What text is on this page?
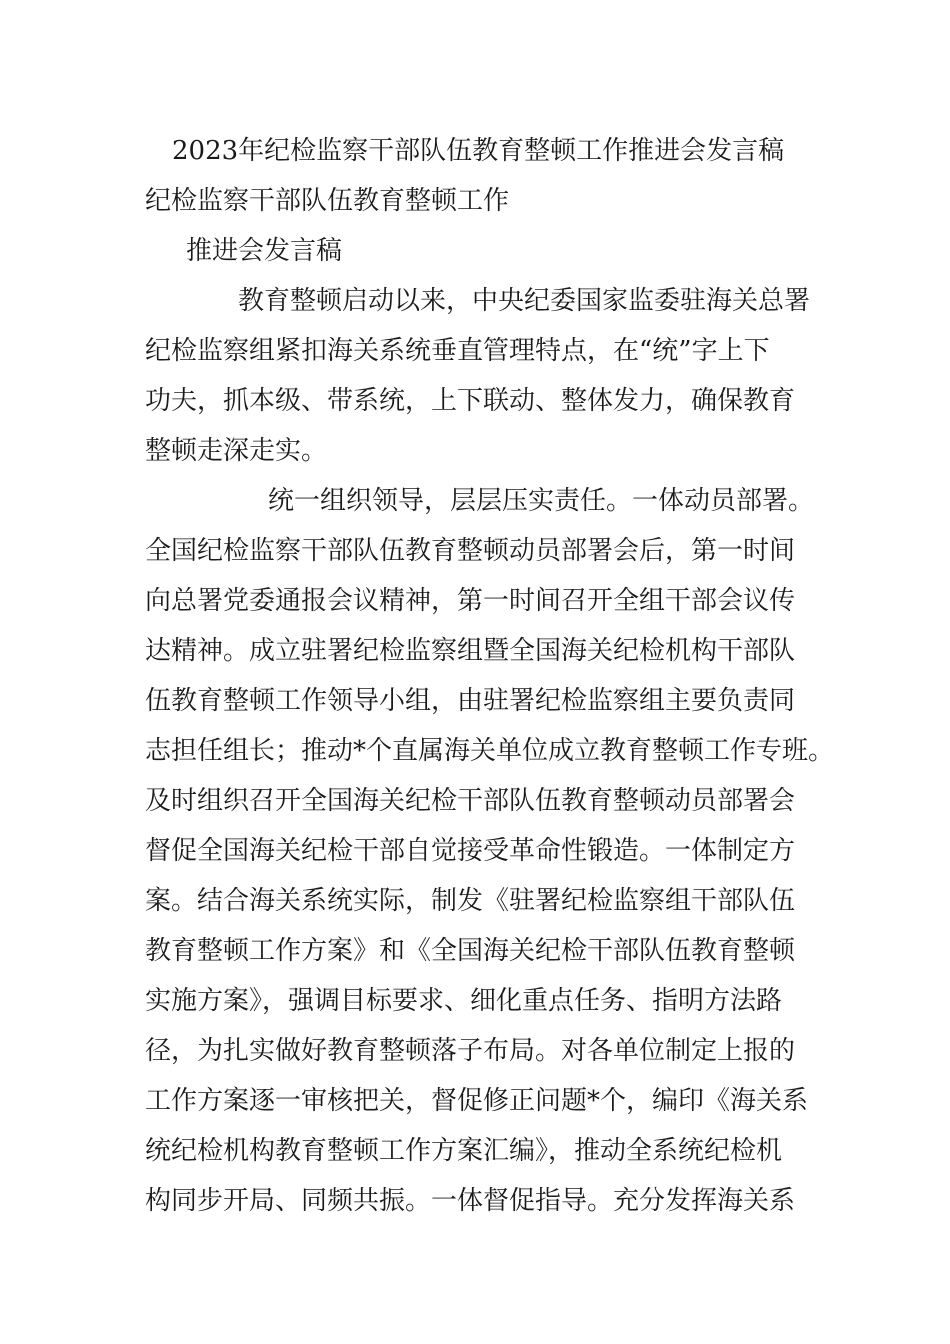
2023年纪检监察干部队伍教育整顿工作推进会发言稿
纪检监察干部队伍教育整顿工作
推进会发言稿
教育整顿启动以来，中央纪委国家监委驻海关总署
纪检监察组紧扣海关系统垂直管理特点，在“统”字上下
功夫，抓本级、带系统，上下联动、整体发力，确保教育
整顿走深走实。
统一组织领导，层层压实责任。一体动员部署。
全国纪检监察干部队伍教育整顿动员部署会后，第一时间
向总署党委通报会议精神，第一时间召开全组干部会议传
达精神。成立驻署纪检监察组暨全国海关纪检机构干部队
伍教育整顿工作领导小组，由驻署纪检监察组主要负责同
志担任组长；推动*个直属海关单位成立教育整顿工作专班。
及时组织召开全国海关纪检干部队伍教育整顿动员部署会
督促全国海关纪检干部自觉接受革命性锻造。一体制定方
案。结合海关系统实际，制发《驻署纪检监察组干部队伍
教育整顿工作方案》和《全国海关纪检干部队伍教育整顿
实施方案》，强调目标要求、细化重点任务、指明方法路
径，为扎实做好教育整顿落子布局。对各单位制定上报的
工作方案逐一审核把关，督促修正问题*个，编印《海关系
统纪检机构教育整顿工作方案汇编》，推动全系统纪检机
构同步开局、同频共振。一体督促指导。充分发挥海关系
